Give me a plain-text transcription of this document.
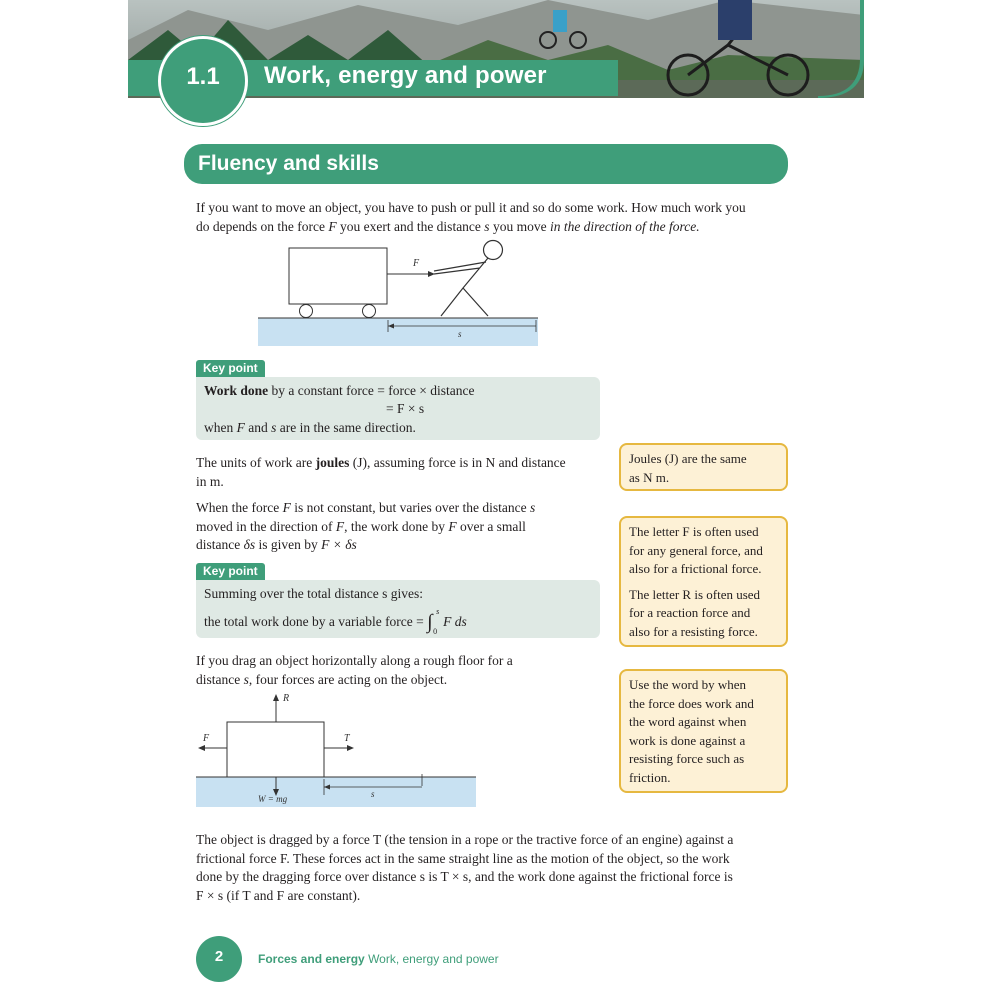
Work, energy and power
1.1
Fluency and skills
If you want to move an object, you have to push or pull it and so do some work. How much work you
do depends on the force F you exert and the distance s you move in the direction of the force.
F
s
Key point
Work done by a constant force = force × distance
= F × s
when F and s are in the same direction.
The units of work are joules (J), assuming force is in N and distance
in m.
When the force F is not constant, but varies over the distance s
moved in the direction of F, the work done by F over a small
distance δs is given by F × δs
Key point
Summing over the total distance s gives:
the total work done by a variable force = ∫ s
0
F ds
If you drag an object horizontally along a rough floor for a
distance s, four forces are acting on the object.
R
F	T
W = mg	s
The object is dragged by a force T (the tension in a rope or the tractive force of an engine) against a
frictional force F. These forces act in the same straight line as the motion of the object, so the work
done by the dragging force over distance s is T × s, and the work done against the frictional force is
F × s (if T and F are constant).
Joules (J) are the same
as N m.
The letter F is often used
for any general force, and
also for a frictional force.
The letter R is often used
for a reaction force and
also for a resisting force.
Use the word by when
the force does work and
the word against when
work is done against a
resisting force such as
friction.
2	Forces and energy Work, energy and power
